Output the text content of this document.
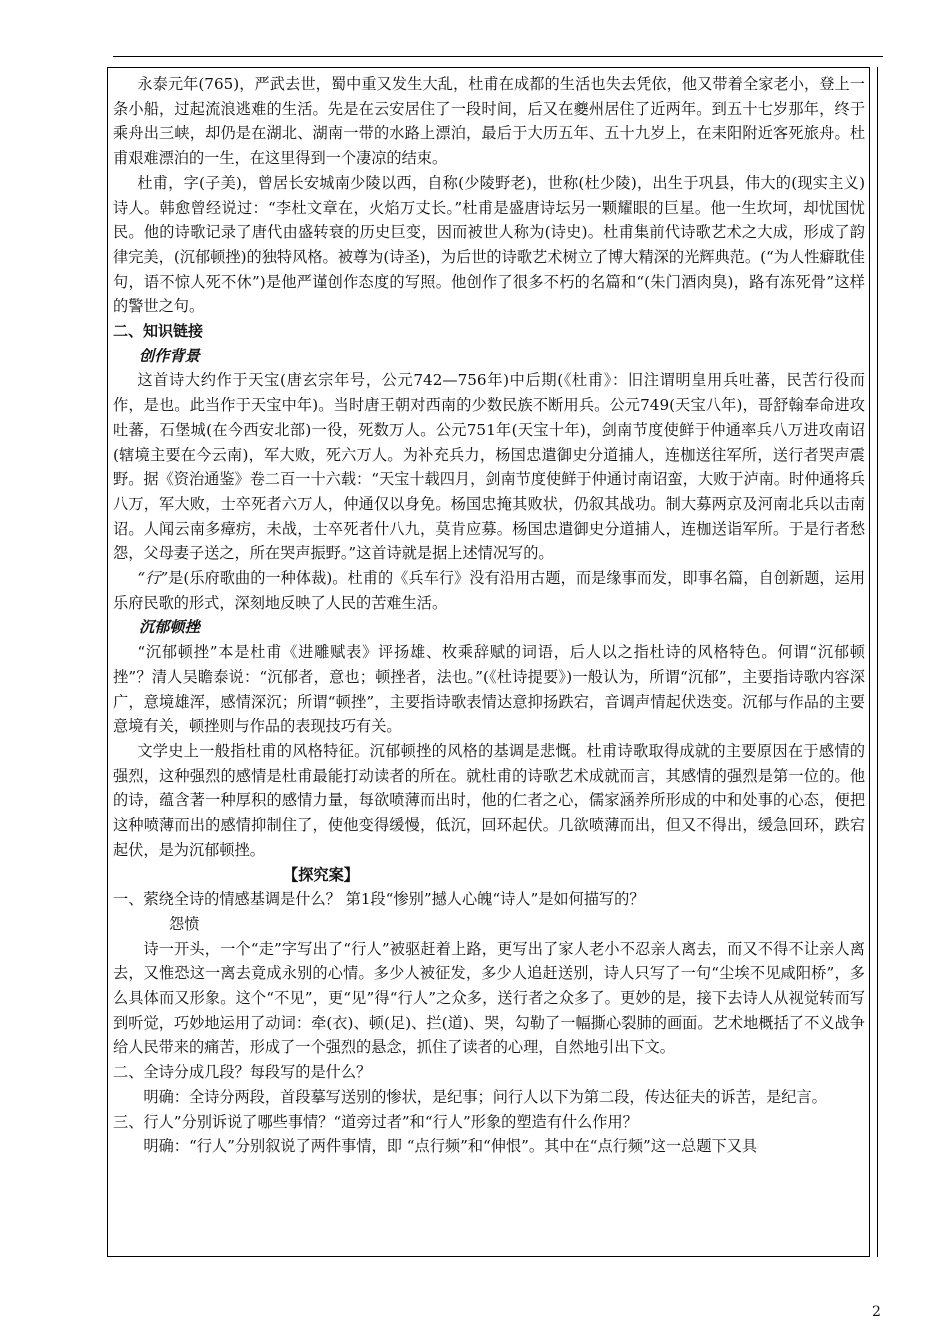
永泰元年(765)，严武去世，蜀中重又发生大乱，杜甫在成都的生活也失去凭依，他又带着全家老小，登上一条小船，过起流浪逃难的生活。先是在云安居住了一段时间，后又在夔州居住了近两年。到五十七岁那年，终于乘舟出三峡，却仍是在湖北、湖南一带的水路上漂泊，最后于大历五年、五十九岁上，在耒阳附近客死旅舟。杜甫艰难漂泊的一生，在这里得到一个凄凉的结束。

杜甫，字(子美)，曾居长安城南少陵以西，自称(少陵野老)，世称(杜少陵)，出生于巩县，伟大的(现实主义)诗人。韩愈曾经说过：“李杜文章在，火焰万丈长。”杜甫是盛唐诗坛另一颗耀眼的巨星。他一生坎坷，却忧国忧民。他的诗歌记录了唐代由盛转衰的历史巨变，因而被世人称为(诗史)。杜甫集前代诗歌艺术之大成，形成了韵律完美，(沉郁顿挫)的独特风格。被尊为(诗圣)，为后世的诗歌艺术树立了博大精深的光辉典范。(“为人性癖耽佳句，语不惊人死不休”)是他严谨创作态度的写照。他创作了很多不朽的名篇和“(朱门酒肉臭)，路有冻死骨”这样的警世之句。

二、知识链接

创作背景

这首诗大约作于天宝(唐玄宗年号，公元742—756年)中后期(《杜甫》：旧注谓明皇用兵吐蕃，民苦行役而作，是也。此当作于天宝中年)。当时唐王朝对西南的少数民族不断用兵。公元749(天宝八年)，哥舒翰奉命进攻吐蕃，石堡城(在今西安北部)一役，死数万人。公元751年(天宝十年)，剑南节度使鲜于仲通率兵八万进攻南诏(辖境主要在今云南)，军大败，死六万人。为补充兵力，杨国忠遣御史分道捕人，连枷送往军所，送行者哭声震野。据《资治通鉴》卷二百一十六载：“天宝十载四月，剑南节度使鲜于仲通讨南诏蛮，大败于泸南。时仲通将兵八万，军大败，士卒死者六万人，仲通仅以身免。杨国忠掩其败状，仍叙其战功。制大募两京及河南北兵以击南诏。人闻云南多瘴疠，未战，士卒死者什八九，莫肯应募。杨国忠遣御史分道捕人，连枷送诣军所。于是行者愁怨，父母妻子送之，所在哭声振野。”这首诗就是据上述情况写的。

“行”是(乐府歌曲的一种体裁)。杜甫的《兵车行》没有沿用古题，而是缘事而发，即事名篇，自创新题，运用乐府民歌的形式，深刻地反映了人民的苦难生活。

沉郁顿挫

“沉郁顿挫”本是杜甫《进雕赋表》评扬雄、枚乘辞赋的词语，后人以之指杜诗的风格特色。何谓“沉郁顿挫”？清人吴瞻泰说：“沉郁者，意也；顿挫者，法也。”(《杜诗提要》)一般认为，所谓“沉郁”，主要指诗歌内容深广，意境雄浑，感情深沉；所谓“顿挫”，主要指诗歌表情达意抑扬跌宕，音调声情起伏迭变。沉郁与作品的主要意境有关，顿挫则与作品的表现技巧有关。

文学史上一般指杜甫的风格特征。沉郁顿挫的风格的基调是悲慨。杜甫诗歌取得成就的主要原因在于感情的强烈，这种强烈的感情是杜甫最能打动读者的所在。就杜甫的诗歌艺术成就而言，其感情的强烈是第一位的。他的诗，蕴含著一种厚积的感情力量，每欲喷薄而出时，他的仁者之心，儒家涵养所形成的中和处事的心态，便把这种喷薄而出的感情抑制住了，使他变得缓慢，低沉，回环起伏。几欲喷薄而出，但又不得出，缓急回环，跌宕起伏，是为沉郁顿挫。

【探究案】

一、萦绕全诗的情感基调是什么？ 第1段“惨别”撼人心魄“诗人”是如何描写的？

怨愤

诗一开头，一个“走”字写出了“行人”被驱赶着上路，更写出了家人老小不忍亲人离去，而又不得不让亲人离去，又惟恐这一离去竟成永别的心情。多少人被征发，多少人追赶送别，诗人只写了一句“尘埃不见咸阳桥”，多么具体而又形象。这个“不见”，更“见”得“行人”之众多，送行者之众多了。更妙的是，接下去诗人从视觉转而写到听觉，巧妙地运用了动词：牵(衣)、顿(足)、拦(道)、哭，勾勒了一幅撕心裂肺的画面。艺术地概括了不义战争给人民带来的痛苦，形成了一个强烈的悬念，抓住了读者的心理，自然地引出下文。

二、全诗分成几段？每段写的是什么？

明确：全诗分两段，首段摹写送别的惨状，是纪事；问行人以下为第二段，传达征夫的诉苦，是纪言。

三、行人”分别诉说了哪些事情？“道旁过者”和“行人”形象的塑造有什么作用？

明确：“行人”分别叙说了两件事情，即 “点行频”和“伸恨”。其中在“点行频”这一总题下又具

2
